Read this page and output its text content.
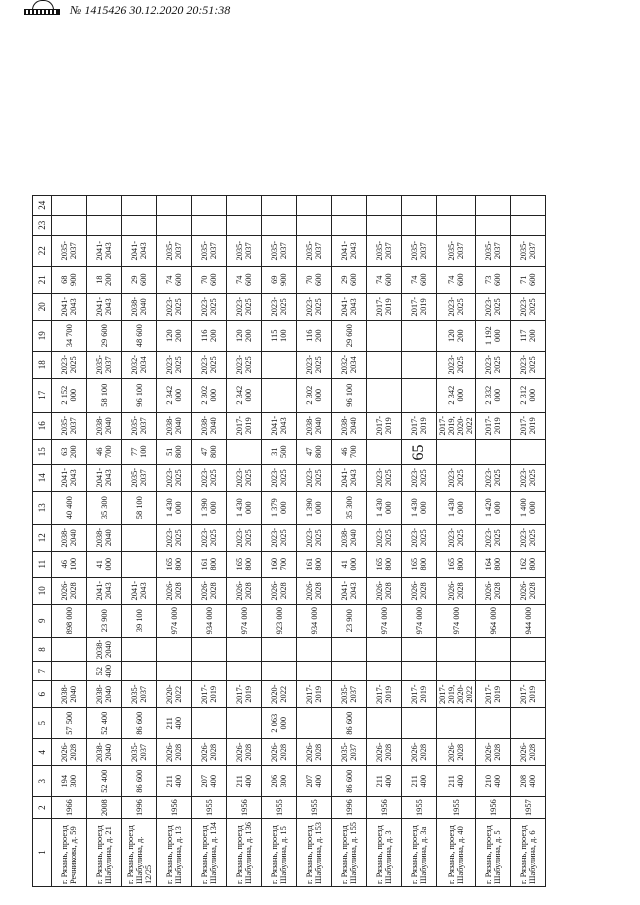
1	2	3	4	5	6	7	8	9	10	11	12	13	14	15	16	17	18	19	20	21	22	23	24
г. Рязань, проезд Речникова, д. 59	1966	194 300	2026-2028	57 500	2038-2040			898 000	2026-2028	46 100	2038-2040	40 400	2041-2043	63 200	2035-2037	2 152 000	2023-2025	34 700	2041-2043	68 900	2035-2037		
г. Рязань, проезд Шабулина, д. 21	2008	52 400	2038-2040	52 400	2038-2040	52 400	2038-2040	23 900	2041-2043	41 000	2038-2040	35 300	2041-2043	46 700	2038-2040	58 100	2035-2037	29 600	2041-2043	18 200	2041-2043		
г. Рязань, проезд Шабулина, д. 12/25	1996	86 600	2035-2037	86 600	2035-2037			39 100	2041-2043			58 100	2035-2037	77 100	2035-2037	96 100	2032-2034	48 600	2038-2040	29 600	2041-2043		
г. Рязань, проезд Шабулина, д. 13	1956	211 400	2026-2028	211 400	2020-2022			974 000	2026-2028	165 800	2023-2025	1 430 000	2023-2025	51 800	2038-2040	2 342 000	2023-2025	120 200	2023-2025	74 600	2035-2037		
г. Рязань, проезд Шабулина, д. 134	1955	207 400	2026-2028		2017-2019			934 000	2026-2028	161 800	2023-2025	1 390 000	2023-2025	47 800	2038-2040	2 302 000	2023-2025	116 200	2023-2025	70 600	2035-2037		
г. Рязань, проезд Шабулина, д. 136	1956	211 400	2026-2028		2017-2019			974 000	2026-2028	165 800	2023-2025	1 430 000	2023-2025		2017-2019	2 342 000	2023-2025	120 200	2023-2025	74 600	2035-2037		
г. Рязань, проезд Шабулина, д. 15	1955	206 300	2026-2028	2 063 000	2020-2022			923 000	2026-2028	160 700	2023-2025	1 379 000	2023-2025	31 500	2041-2043			115 100	2023-2025	69 900	2035-2037		
г. Рязань, проезд Шабулина, д. 153	1955	207 400	2026-2028		2017-2019			934 000	2026-2028	161 800	2023-2025	1 390 000	2023-2025	47 800	2038-2040	2 302 000	2023-2025	116 200	2023-2025	70 600	2035-2037		
г. Рязань, проезд Шабулина, д. 155	1996	86 600	2035-2037	86 600	2035-2037			23 900	2041-2043	41 000	2038-2040	35 300	2041-2043	46 700	2038-2040	96 100	2032-2034	29 600	2041-2043	29 600	2041-2043		
г. Рязань, проезд Шабулина, д. 3	1956	211 400	2026-2028		2017-2019			974 000	2026-2028	165 800	2023-2025	1 430 000	2023-2025		2017-2019				2017-2019	74 600	2035-2037		
г. Рязань, проезд Шабулина, д. 3а	1955	211 400	2026-2028		2017-2019			974 000	2026-2028	165 800	2023-2025	1 430 000	2023-2025		2017-2019				2017-2019	74 600	2035-2037		
г. Рязань, проезд Шабулина, д. 40	1955	211 400	2026-2028		2017-2019, 2020-2022			974 000	2026-2028	165 800	2023-2025	1 430 000	2023-2025		2017-2019, 2020-2022	2 342 000	2023-2025	120 200	2023-2025	74 600	2035-2037		
г. Рязань, проезд Шабулина, д. 5	1956	210 400	2026-2028		2017-2019			964 000	2026-2028	164 800	2023-2025	1 420 000	2023-2025		2017-2019	2 332 000	2023-2025	1 192 000	2023-2025	73 600	2035-2037		
г. Рязань, проезд Шабулина, д. 6	1957	208 400	2026-2028		2017-2019			944 000	2026-2028	162 800	2023-2025	1 400 000	2023-2025		2017-2019	2 312 000	2023-2025	117 200	2023-2025	71 600	2035-2037		
65
№ 1415426 30.12.2020 20:51:38
